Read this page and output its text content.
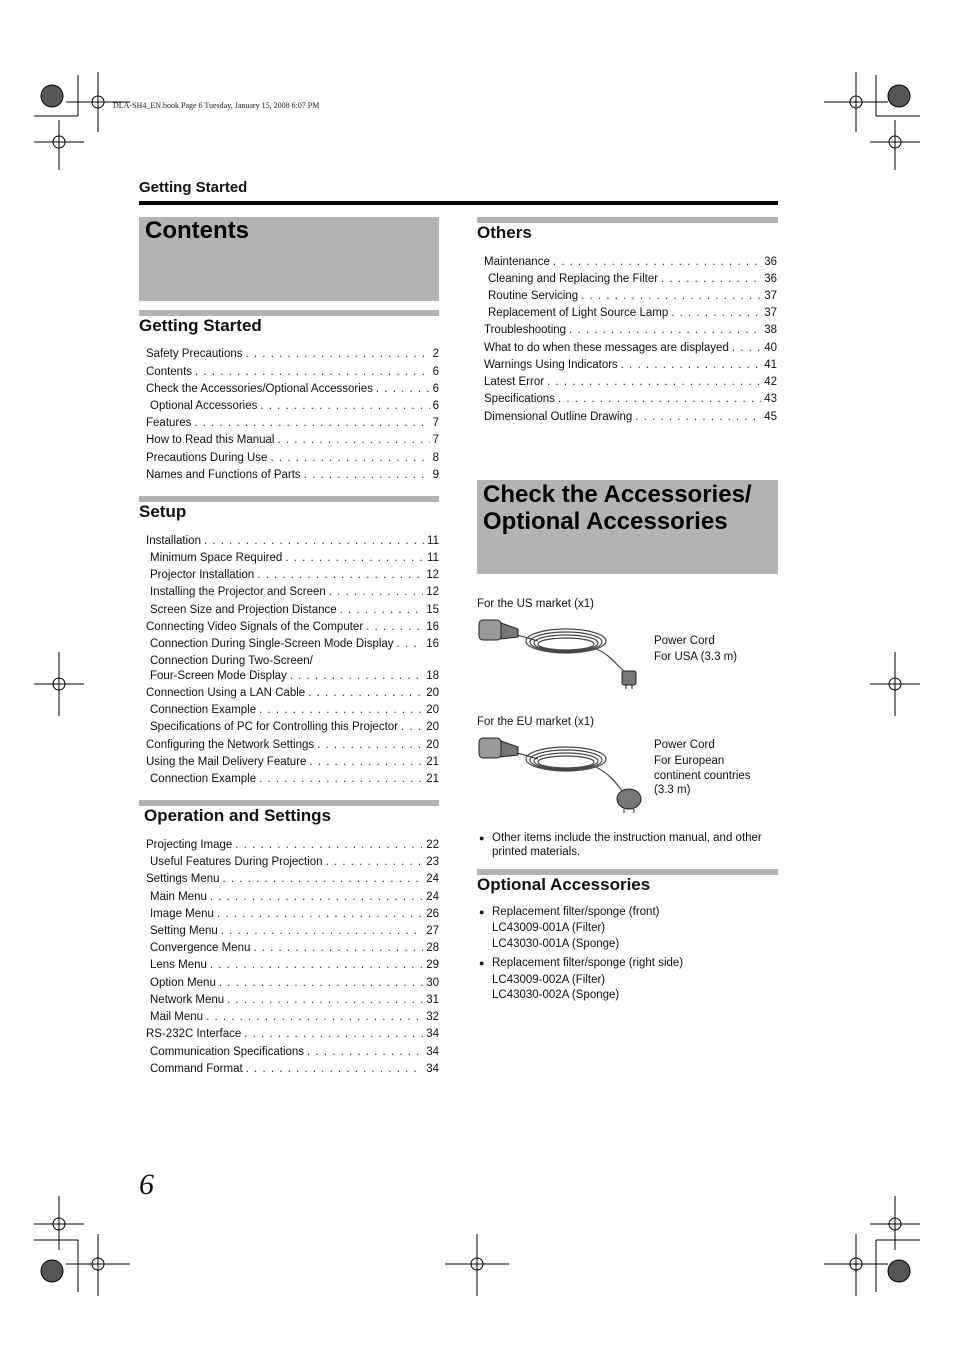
DLA-SH4_EN.book Page 6 Tuesday, January 15, 2008 6:07 PM
Getting Started
Contents
Getting Started
Safety Precautions . . .	2
Contents . . .	6
Check the Accessories/Optional Accessories . . .	6
Optional Accessories . . .	6
Features . . .	7
How to Read this Manual . . .	7
Precautions During Use . . .	8
Names and Functions of Parts . . .	9
Setup
Installation . . .	11
Minimum Space Required . . .	11
Projector Installation . . .	12
Installing the Projector and Screen . . .	12
Screen Size and Projection Distance . . .	15
Connecting Video Signals of the Computer . . .	16
Connection During Single-Screen Mode Display . . .	16
Connection During Two-Screen/
Four-Screen Mode Display . . .	18
Connection Using a LAN Cable . . .	20
Connection Example . . .	20
Specifications of PC for Controlling this Projector . . . 20
Configuring the Network Settings . . .	20
Using the Mail Delivery Feature . . .	21
Connection Example . . .	21
Operation and Settings
Projecting Image . . .	22
Useful Features During Projection . . .	23
Settings Menu . . .	24
Main Menu . . .	24
Image Menu . . .	26
Setting Menu . . .	27
Convergence Menu . . .	28
Lens Menu . . .	29
Option Menu . . .	30
Network Menu . . .	31
Mail Menu . . .	32
RS-232C Interface . . .	34
Communication Specifications . . .	34
Command Format . . .	34
Others
Maintenance . . .	36
Cleaning and Replacing the Filter . . .	36
Routine Servicing . . .	37
Replacement of Light Source Lamp . . .	37
Troubleshooting . . .	38
What to do when these messages are displayed . . .	40
Warnings Using Indicators . . .	41
Latest Error . . .	42
Specifications . . .	43
Dimensional Outline Drawing . . .	45
Check the Accessories/
Optional Accessories
For the US market (x1)
Power Cord
For USA (3.3 m)
For the EU market (x1)
Power Cord
For European
continent countries
(3.3 m)
● Other items include the instruction manual, and other
printed materials.
Optional Accessories
● Replacement filter/sponge (front)
LC43009-001A (Filter)
LC43030-001A (Sponge)
● Replacement filter/sponge (right side)
LC43009-002A (Filter)
LC43030-002A (Sponge)
6
